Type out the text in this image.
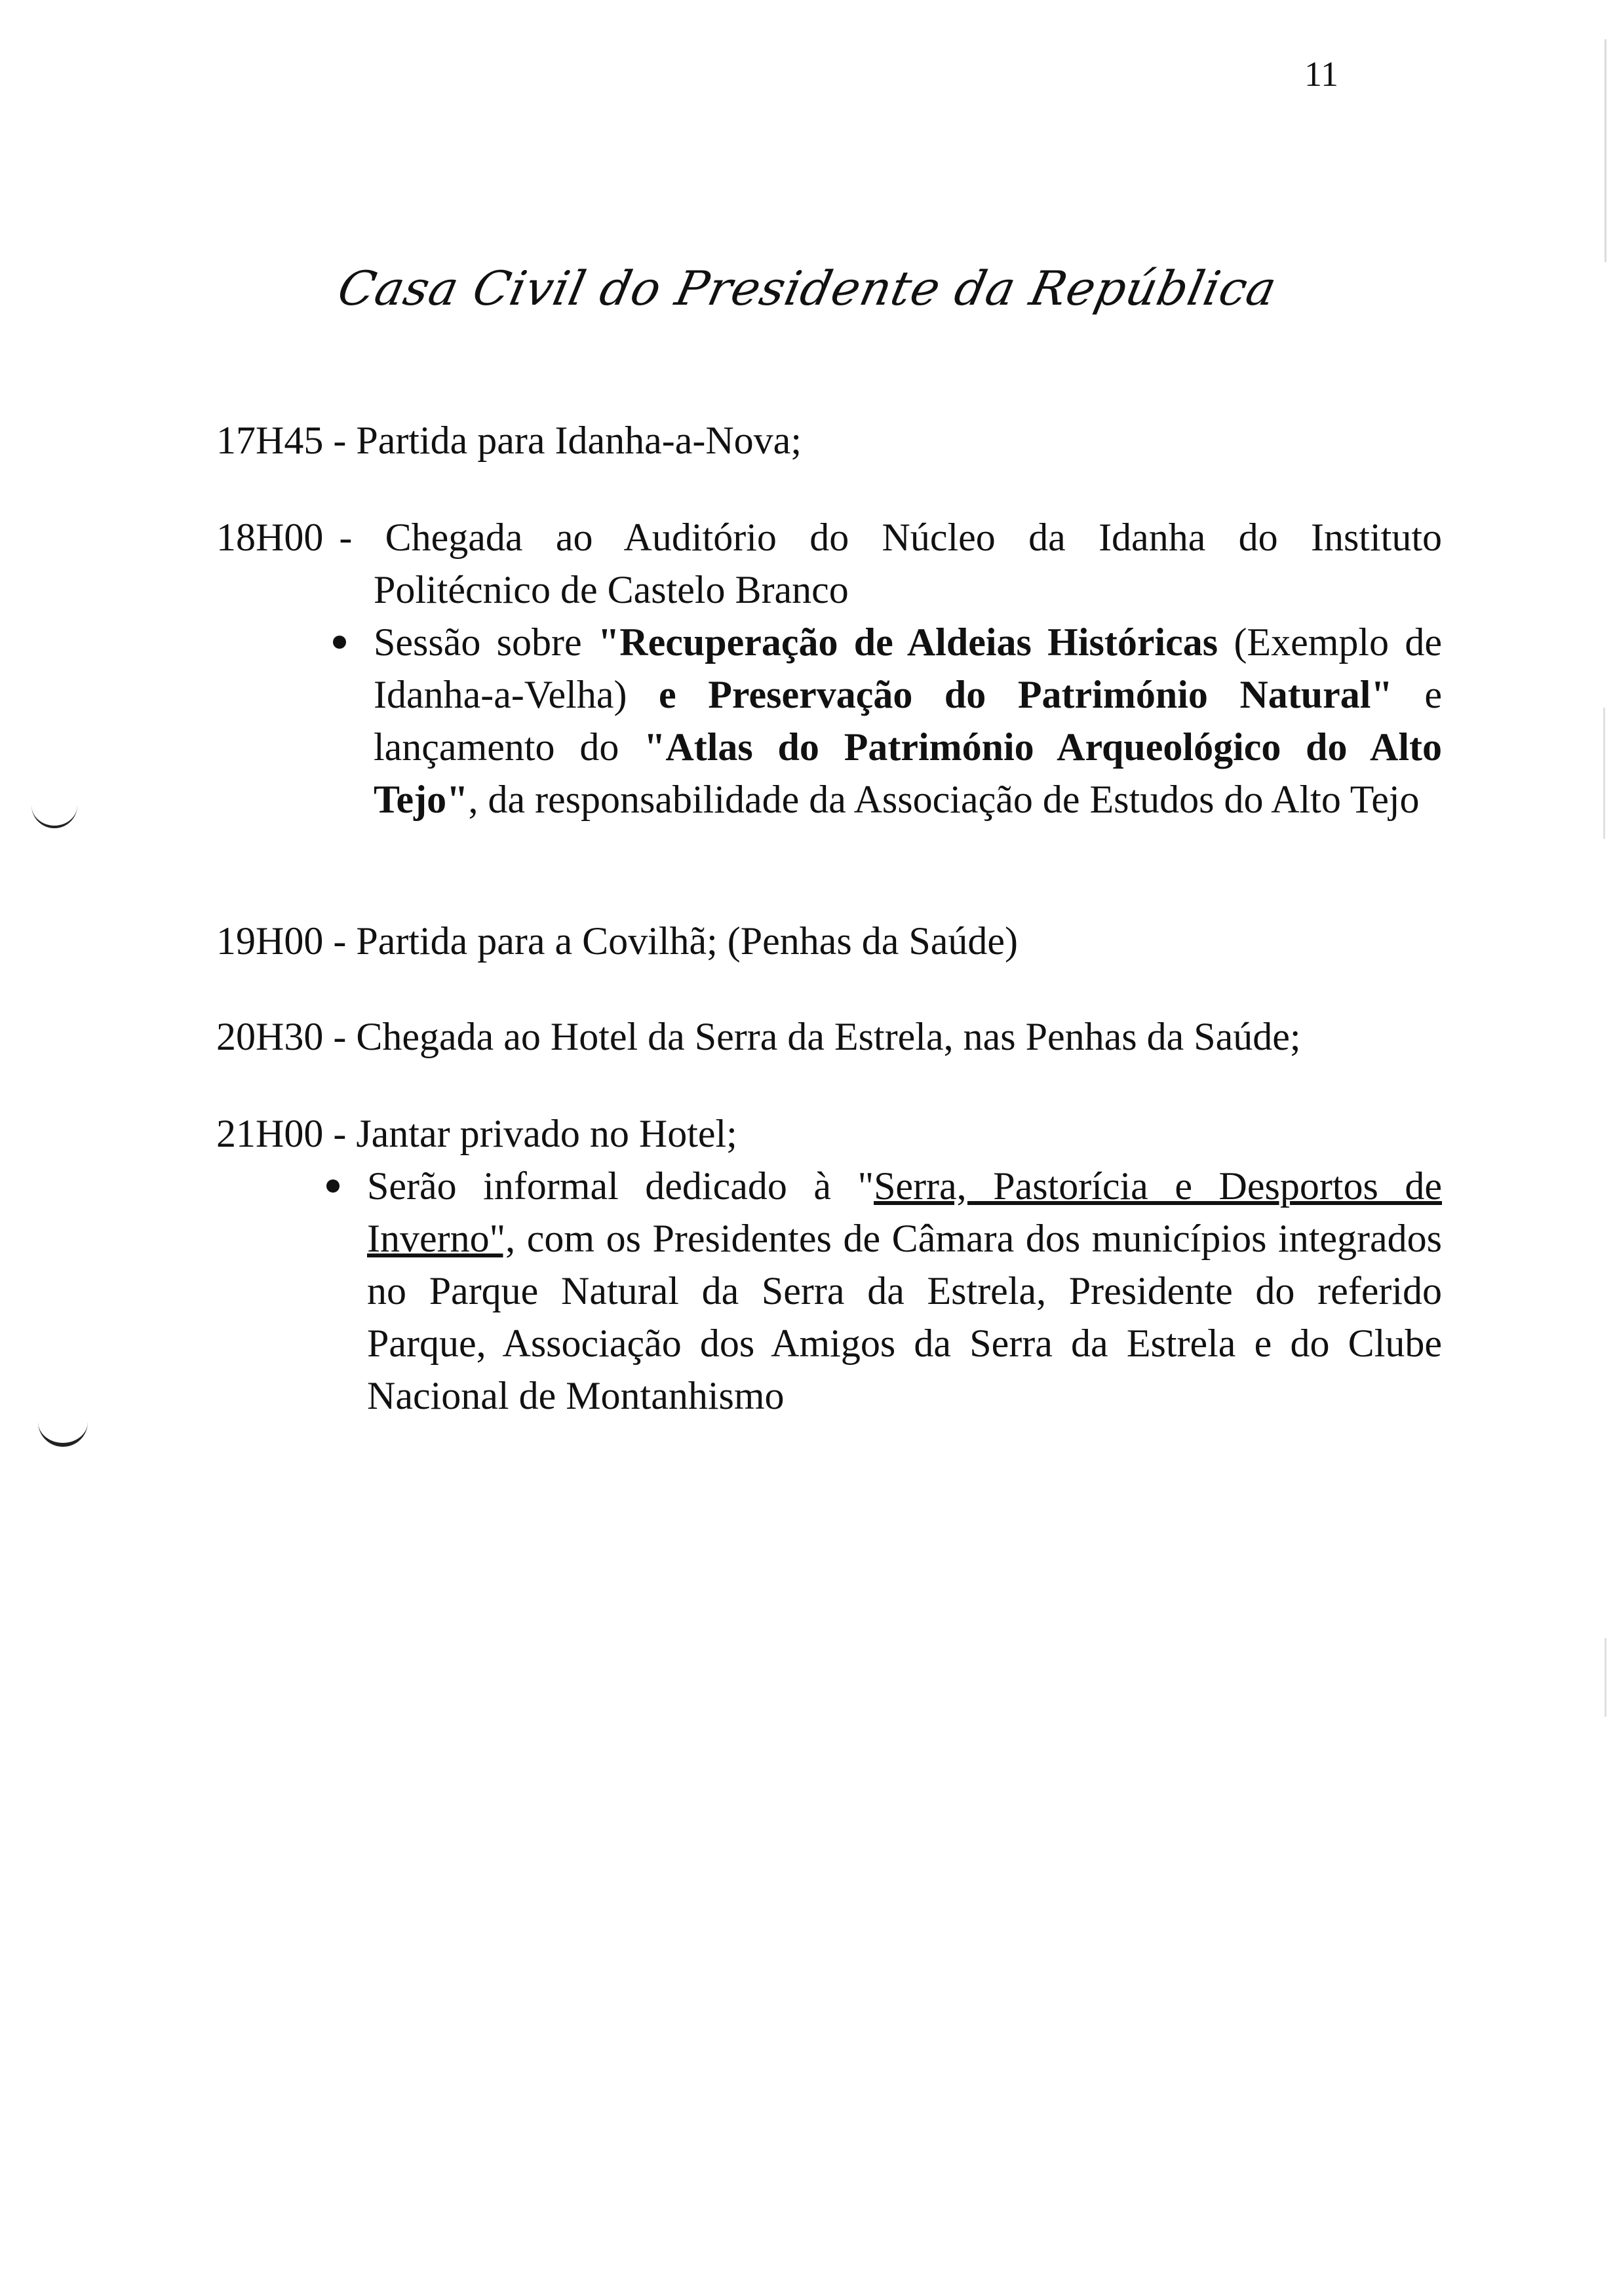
11
Casa Civil do Presidente da República
17H45 - Partida para Idanha-a-Nova;
18H00 - Chegada ao Auditório do Núcleo da Idanha do Instituto
Politécnico de Castelo Branco
Sessão sobre "Recuperação de Aldeias Históricas (Exemplo de Idanha-a-Velha) e Preservação do Património Natural" e lançamento do "Atlas do Património Arqueológico do Alto Tejo", da responsabilidade da Associação de Estudos do Alto Tejo
19H00 - Partida para a Covilhã; (Penhas da Saúde)
20H30 - Chegada ao Hotel da Serra da Estrela, nas Penhas da Saúde;
21H00 - Jantar privado no Hotel;
Serão informal dedicado à "Serra, Pastorícia e Desportos de Inverno", com os Presidentes de Câmara dos municípios integrados no Parque Natural da Serra da Estrela, Presidente do referido Parque, Associação dos Amigos da Serra da Estrela e do Clube Nacional de Montanhismo
